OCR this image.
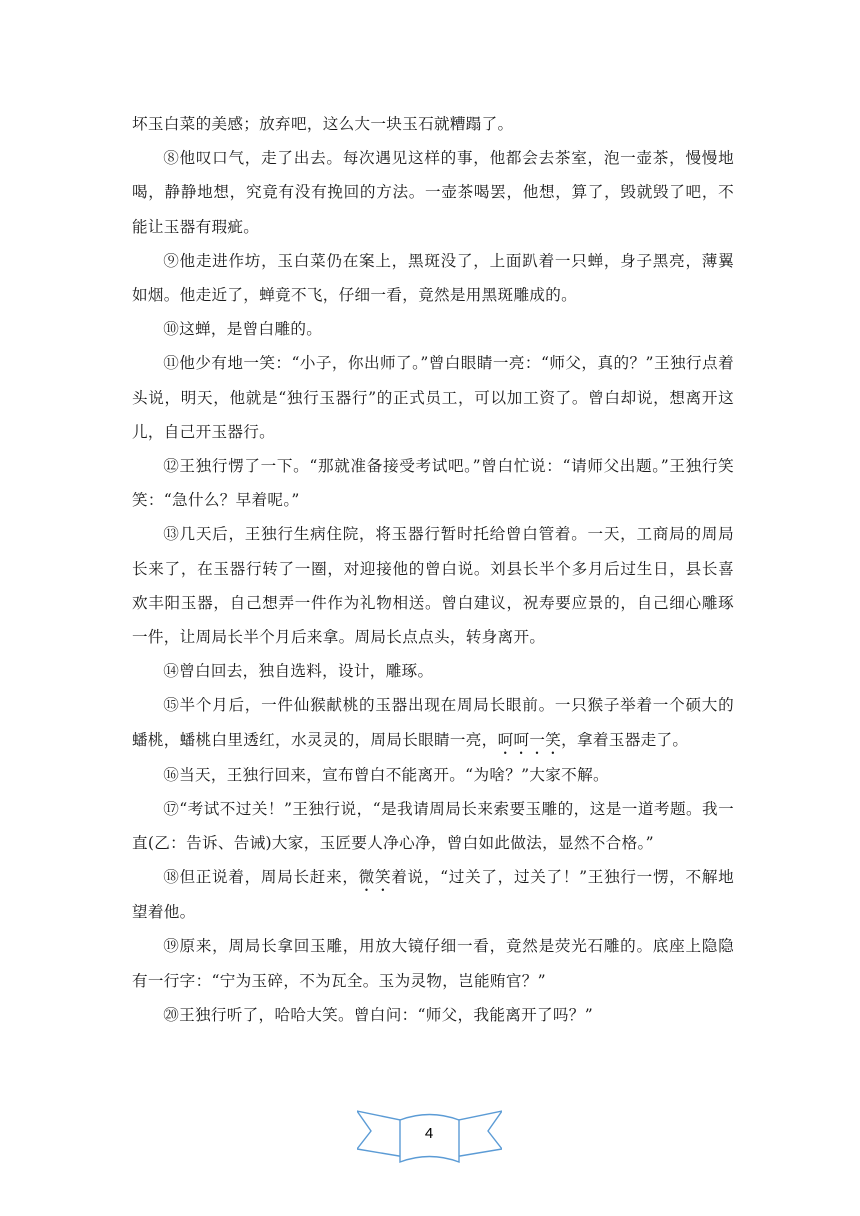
坏玉白菜的美感；放弃吧，这么大一块玉石就糟蹋了。

⑧他叹口气，走了出去。每次遇见这样的事，他都会去茶室，泡一壶茶，慢慢地喝，静静地想，究竟有没有挽回的方法。一壶茶喝罢，他想，算了，毁就毁了吧，不能让玉器有瑕疵。

⑨他走进作坊，玉白菜仍在案上，黑斑没了，上面趴着一只蝉，身子黑亮，薄翼如烟。他走近了，蝉竟不飞，仔细一看，竟然是用黑斑雕成的。

⑩这蝉，是曾白雕的。

⑪他少有地一笑：“小子，你出师了。”曾白眼睛一亮：“师父，真的？”王独行点着头说，明天，他就是“独行玉器行”的正式员工，可以加工资了。曾白却说，想离开这儿，自己开玉器行。

⑫王独行愣了一下。“那就准备接受考试吧。”曾白忙说：“请师父出题。”王独行笑笑：“急什么？早着呢。”

⑬几天后，王独行生病住院，将玉器行暂时托给曾白管着。一天，工商局的周局长来了，在玉器行转了一圈，对迎接他的曾白说。刘县长半个多月后过生日，县长喜欢丰阳玉器，自己想弄一件作为礼物相送。曾白建议，祝寿要应景的，自己细心雕琢一件，让周局长半个月后来拿。周局长点点头，转身离开。

⑭曾白回去，独自选料，设计，雕琢。

⑮半个月后，一件仙猴献桃的玉器出现在周局长眼前。一只猴子举着一个硕大的蟠桃，蟠桃白里透红，水灵灵的，周局长眼睛一亮，呵呵一笑，拿着玉器走了。

⑯当天，王独行回来，宣布曾白不能离开。“为啥？”大家不解。

⑰“考试不过关！”王独行说，“是我请周局长来索要玉雕的，这是一道考题。我一直(乙：告诉、告诫)大家，玉匠要人净心净，曾白如此做法，显然不合格。”

⑱但正说着，周局长赶来，微笑着说，“过关了，过关了！”王独行一愣，不解地望着他。

⑲原来，周局长拿回玉雕，用放大镜仔细一看，竟然是荧光石雕的。底座上隐隐有一行字：“宁为玉碎，不为瓦全。玉为灵物，岂能贿官？”

⑳王独行听了，哈哈大笑。曾白问：“师父，我能离开了吗？”

4
